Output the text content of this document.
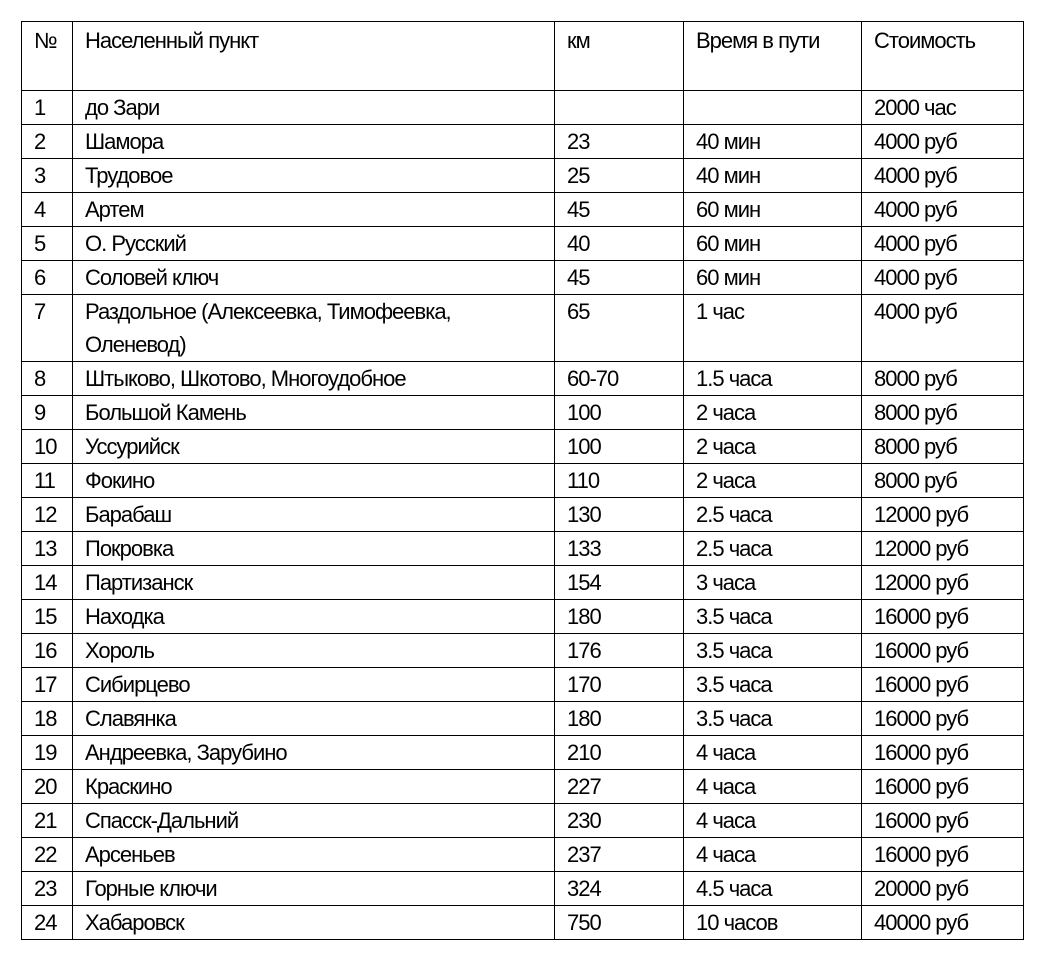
№	Населенный пункт	км	Время в пути	Стоимость
1	до Зари			2000 час
2	Шамора	23	40 мин	4000 руб
3	Трудовое	25	40 мин	4000 руб
4	Артем	45	60 мин	4000 руб
5	О. Русский	40	60 мин	4000 руб
6	Соловей ключ	45	60 мин	4000 руб
7	Раздольное (Алексеевка, Тимофеевка, Оленевод)	65	1 час	4000 руб
8	Штыково, Шкотово, Многоудобное	60-70	1.5 часа	8000 руб
9	Большой Камень	100	2 часа	8000 руб
10	Уссурийск	100	2 часа	8000 руб
11	Фокино	110	2 часа	8000 руб
12	Барабаш	130	2.5 часа	12000 руб
13	Покровка	133	2.5 часа	12000 руб
14	Партизанск	154	3 часа	12000 руб
15	Находка	180	3.5 часа	16000 руб
16	Хороль	176	3.5 часа	16000 руб
17	Сибирцево	170	3.5 часа	16000 руб
18	Славянка	180	3.5 часа	16000 руб
19	Андреевка, Зарубино	210	4 часа	16000 руб
20	Краскино	227	4 часа	16000 руб
21	Спасск-Дальний	230	4 часа	16000 руб
22	Арсеньев	237	4 часа	16000 руб
23	Горные ключи	324	4.5 часа	20000 руб
24	Хабаровск	750	10 часов	40000 руб
